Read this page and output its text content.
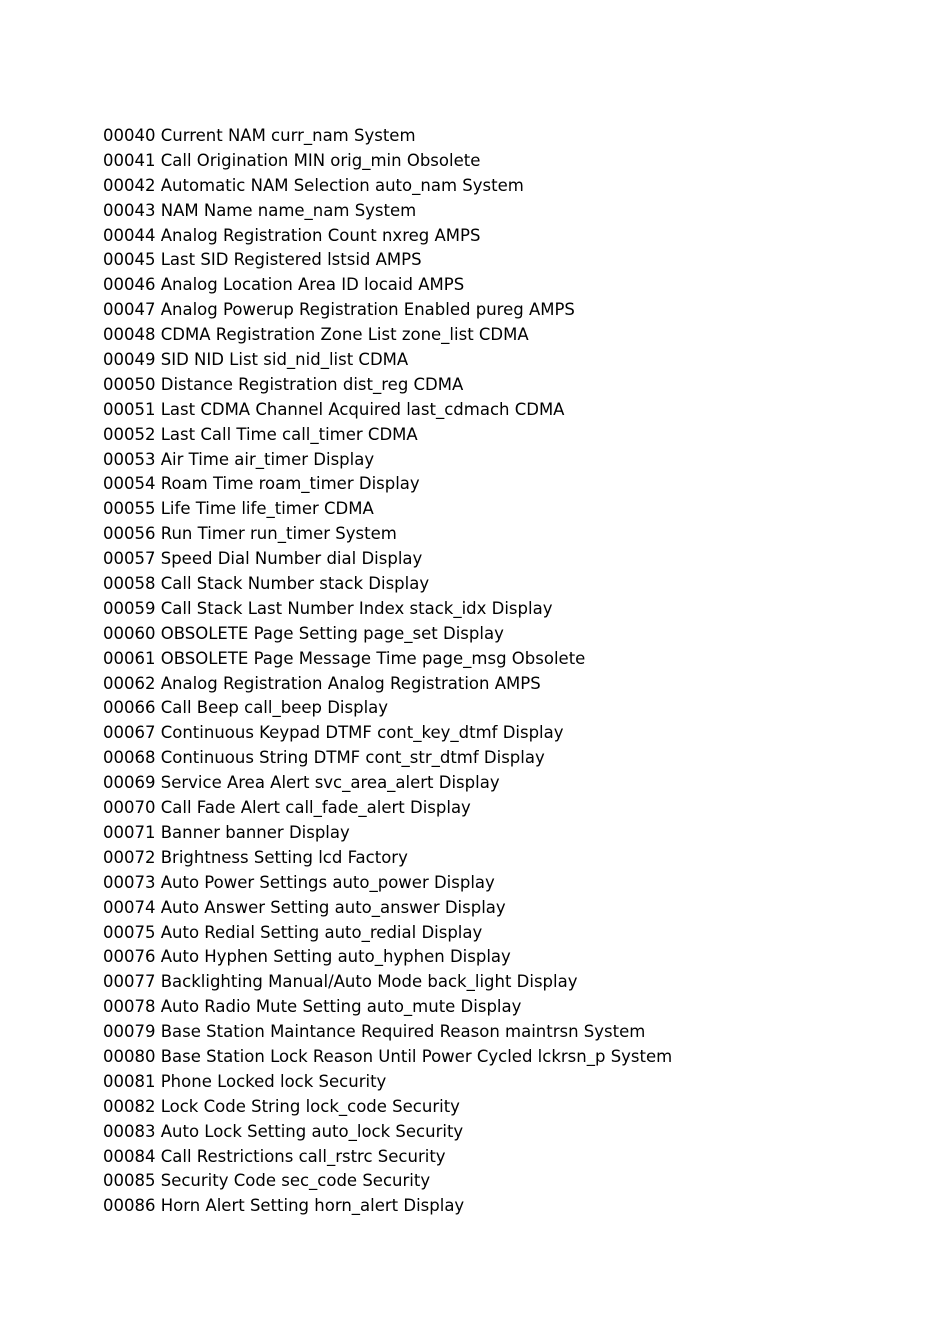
00040 Current NAM curr_nam System
00041 Call Origination MIN orig_min Obsolete
00042 Automatic NAM Selection auto_nam System
00043 NAM Name name_nam System
00044 Analog Registration Count nxreg AMPS
00045 Last SID Registered lstsid AMPS
00046 Analog Location Area ID locaid AMPS
00047 Analog Powerup Registration Enabled pureg AMPS
00048 CDMA Registration Zone List zone_list CDMA
00049 SID NID List sid_nid_list CDMA
00050 Distance Registration dist_reg CDMA
00051 Last CDMA Channel Acquired last_cdmach CDMA
00052 Last Call Time call_timer CDMA
00053 Air Time air_timer Display
00054 Roam Time roam_timer Display
00055 Life Time life_timer CDMA
00056 Run Timer run_timer System
00057 Speed Dial Number dial Display
00058 Call Stack Number stack Display
00059 Call Stack Last Number Index stack_idx Display
00060 OBSOLETE Page Setting page_set Display
00061 OBSOLETE Page Message Time page_msg Obsolete
00062 Analog Registration Analog Registration AMPS
00066 Call Beep call_beep Display
00067 Continuous Keypad DTMF cont_key_dtmf Display
00068 Continuous String DTMF cont_str_dtmf Display
00069 Service Area Alert svc_area_alert Display
00070 Call Fade Alert call_fade_alert Display
00071 Banner banner Display
00072 Brightness Setting lcd Factory
00073 Auto Power Settings auto_power Display
00074 Auto Answer Setting auto_answer Display
00075 Auto Redial Setting auto_redial Display
00076 Auto Hyphen Setting auto_hyphen Display
00077 Backlighting Manual/Auto Mode back_light Display
00078 Auto Radio Mute Setting auto_mute Display
00079 Base Station Maintance Required Reason maintrsn System
00080 Base Station Lock Reason Until Power Cycled lckrsn_p System
00081 Phone Locked lock Security
00082 Lock Code String lock_code Security
00083 Auto Lock Setting auto_lock Security
00084 Call Restrictions call_rstrc Security
00085 Security Code sec_code Security
00086 Horn Alert Setting horn_alert Display
